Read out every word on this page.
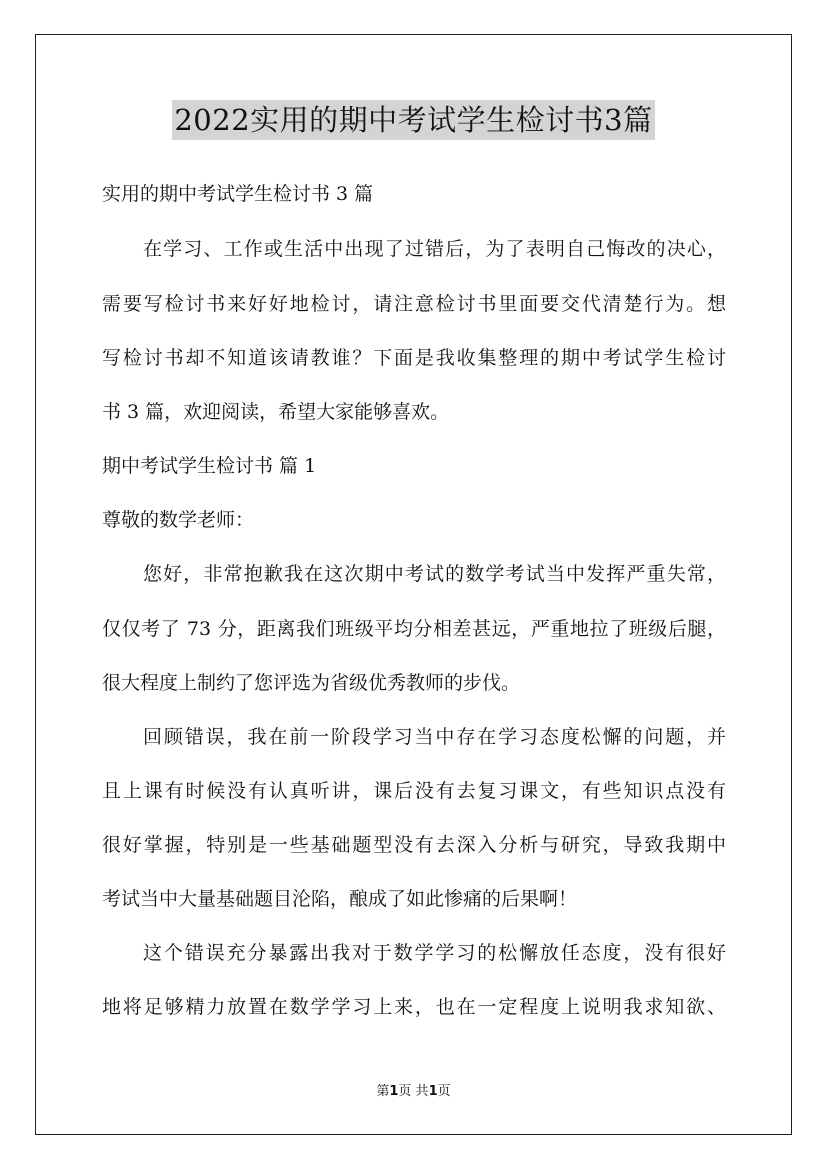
2022实用的期中考试学生检讨书3篇
实用的期中考试学生检讨书 3 篇
在学习、工作或生活中出现了过错后，为了表明自己悔改的决心，
需要写检讨书来好好地检讨，请注意检讨书里面要交代清楚行为。想
写检讨书却不知道该请教谁？下面是我收集整理的期中考试学生检讨
书 3 篇，欢迎阅读，希望大家能够喜欢。
期中考试学生检讨书 篇 1
尊敬的数学老师：
您好，非常抱歉我在这次期中考试的数学考试当中发挥严重失常，
仅仅考了 73 分，距离我们班级平均分相差甚远，严重地拉了班级后腿，
很大程度上制约了您评选为省级优秀教师的步伐。
回顾错误，我在前一阶段学习当中存在学习态度松懈的问题，并
且上课有时候没有认真听讲，课后没有去复习课文，有些知识点没有
很好掌握，特别是一些基础题型没有去深入分析与研究，导致我期中
考试当中大量基础题目沦陷，酿成了如此惨痛的后果啊！
这个错误充分暴露出我对于数学学习的松懈放任态度，没有很好
地将足够精力放置在数学学习上来，也在一定程度上说明我求知欲、
第1页 共1页
